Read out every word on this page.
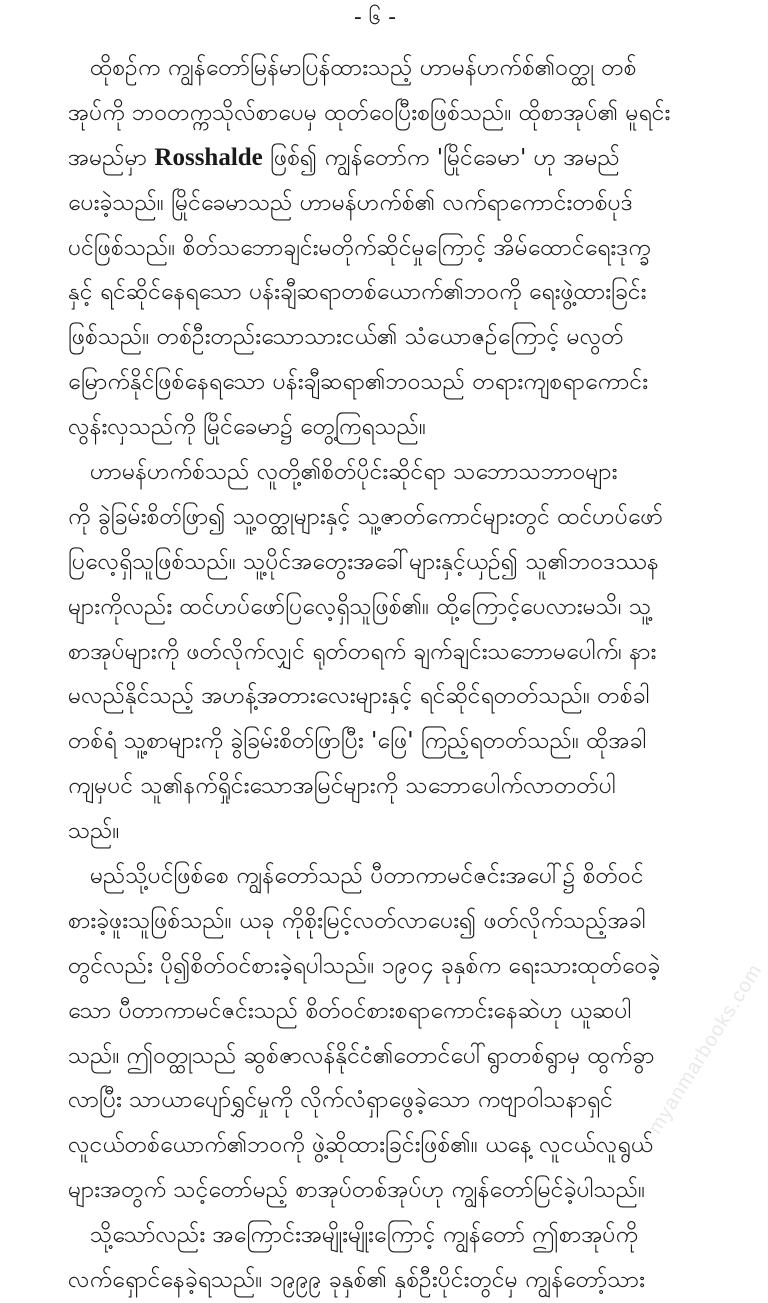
- ၆ -
ထိုစဉ်က ကျွန်တော်မြန်မာပြန်ထားသည့် ဟာမန်ဟက်စ်၏ဝတ္ထု တစ်
အုပ်ကို ဘဝတက္ကသိုလ်စာပေမှ ထုတ်ဝေပြီးစဖြစ်သည်။ ထိုစာအုပ်၏ မူရင်း
အမည်မှာ Rosshalde ဖြစ်၍ ကျွန်တော်က 'မြိုင်ခေမာ' ဟု အမည်
ပေးခဲ့သည်။ မြိုင်ခေမာသည် ဟာမန်ဟက်စ်၏ လက်ရာကောင်းတစ်ပုဒ်
ပင်ဖြစ်သည်။ စိတ်သဘောချင်းမတိုက်ဆိုင်မှုကြောင့် အိမ်ထောင်ရေးဒုက္ခ
နှင့် ရင်ဆိုင်နေရသော ပန်းချီဆရာတစ်ယောက်၏ဘဝကို ရေးဖွဲ့ထားခြင်း
ဖြစ်သည်။ တစ်ဦးတည်းသောသားငယ်၏ သံယောဇဉ်ကြောင့် မလွတ်
မြောက်နိုင်ဖြစ်နေရသော ပန်းချီဆရာ၏ဘဝသည် တရားကျစရာကောင်း
လွန်းလှသည်ကို မြိုင်ခေမာ၌ တွေ့ကြရသည်။
ဟာမန်ဟက်စ်သည် လူတို့၏စိတ်ပိုင်းဆိုင်ရာ သဘောသဘာဝများ
ကို ခွဲခြမ်းစိတ်ဖြာ၍ သူ့ဝတ္ထုများနှင့် သူ့ဇာတ်ကောင်များတွင် ထင်ဟပ်ဖော်
ပြလေ့ရှိသူဖြစ်သည်။ သူ့ပိုင်အတွေးအခေါ်များနှင့်ယှဉ်၍ သူ၏ဘဝဒဿန
များကိုလည်း ထင်ဟပ်ဖော်ပြလေ့ရှိသူဖြစ်၏။ ထို့ကြောင့်ပေလားမသိ၊ သူ့
စာအုပ်များကို ဖတ်လိုက်လျှင် ရုတ်တရက် ချက်ချင်းသဘောမပေါက်၊ နား
မလည်နိုင်သည့် အဟန့်အတားလေးများနှင့် ရင်ဆိုင်ရတတ်သည်။ တစ်ခါ
တစ်ရံ သူ့စာများကို ခွဲခြမ်းစိတ်ဖြာပြီး 'ဖြေ' ကြည့်ရတတ်သည်။ ထိုအခါ
ကျမှပင် သူ၏နက်ရှိုင်းသောအမြင်များကို သဘောပေါက်လာတတ်ပါ
သည်။
မည်သို့ပင်ဖြစ်စေ ကျွန်တော်သည် ပီတာကာမင်ဇင်းအပေါ်၌ စိတ်ဝင်
စားခဲ့ဖူးသူဖြစ်သည်။ ယခု ကိုစိုးမြင့်လတ်လာပေး၍ ဖတ်လိုက်သည့်အခါ
တွင်လည်း ပို၍စိတ်ဝင်စားခဲ့ရပါသည်။ ၁၉၀၄ ခုနှစ်က ရေးသားထုတ်ဝေခဲ့
သော ပီတာကာမင်ဇင်းသည် စိတ်ဝင်စားစရာကောင်းနေဆဲဟု ယူဆပါ
သည်။ ဤဝတ္ထုသည် ဆွစ်ဇာလန်နိုင်ငံ၏တောင်ပေါ်ရွာတစ်ရွာမှ ထွက်ခွာ
လာပြီး သာယာပျော်ရွှင်မှုကို လိုက်လံရှာဖွေခဲ့သော ကဗျာဝါသနာရှင်
လူငယ်တစ်ယောက်၏ဘဝကို ဖွဲ့ဆိုထားခြင်းဖြစ်၏။ ယနေ့ လူငယ်လူရွယ်
များအတွက် သင့်တော်မည့် စာအုပ်တစ်အုပ်ဟု ကျွန်တော်မြင်ခဲ့ပါသည်။
သို့သော်လည်း အကြောင်းအမျိုးမျိုးကြောင့် ကျွန်တော် ဤစာအုပ်ကို
လက်ရှောင်နေခဲ့ရသည်။ ၁၉၉၉ ခုနှစ်၏ နှစ်ဦးပိုင်းတွင်မှ ကျွန်တော့်သား
myanmarbooks.com
